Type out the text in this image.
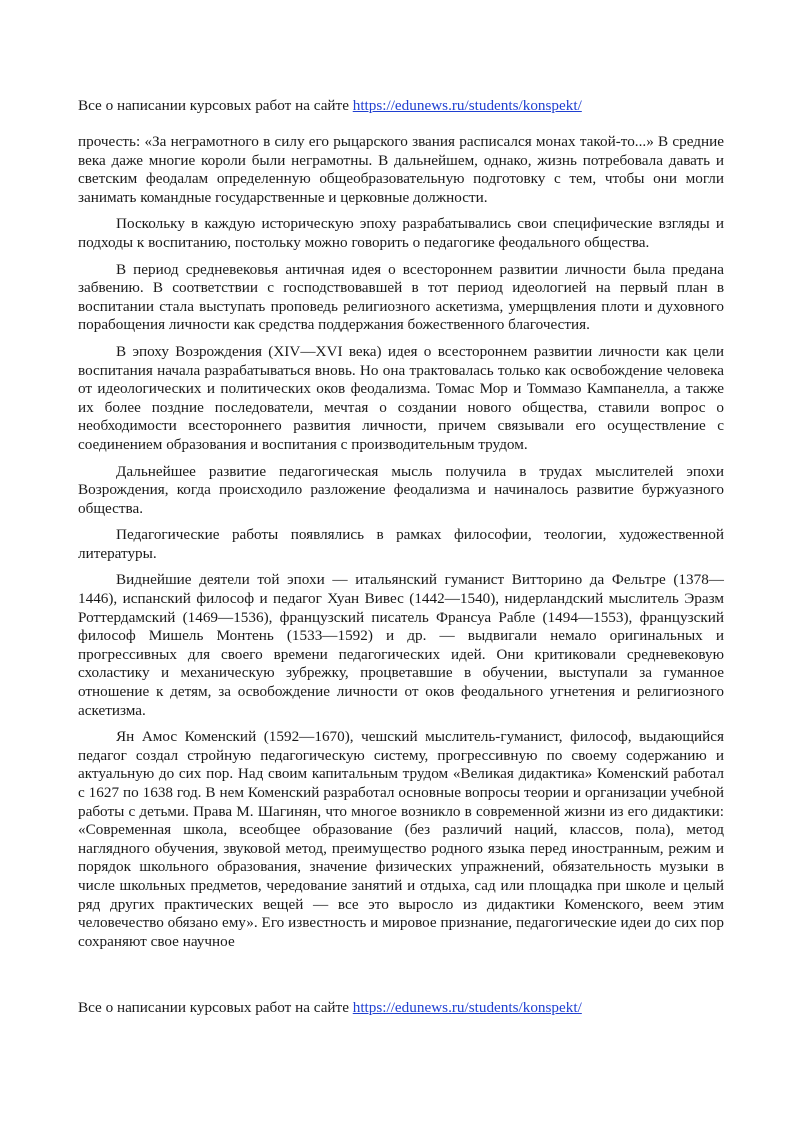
Все о написании курсовых работ на сайте https://edunews.ru/students/konspekt/

прочесть: «За неграмотного в силу его рыцарского звания расписался монах такой-то...» В средние века даже многие короли были неграмотны. В дальнейшем, однако, жизнь потребовала давать и светским феодалам определенную общеобразовательную подготовку с тем, чтобы они могли занимать командные государственные и церковные должности.

Поскольку в каждую историческую эпоху разрабатывались свои специфические взгляды и подходы к воспитанию, постольку можно говорить о педагогике феодального общества.

В период средневековья античная идея о всестороннем развитии личности была предана забвению. В соответствии с господствовавшей в тот период идеологией на первый план в воспитании стала выступать проповедь религиозного аскетизма, умерщвления плоти и духовного порабощения личности как средства поддержания божественного благочестия.

В эпоху Возрождения (XIV—XVI века) идея о всестороннем развитии личности как цели воспитания начала разрабатываться вновь. Но она трактовалась только как освобождение человека от идеологических и политических оков феодализма. Томас Мор и Томмазо Кампанелла, а также их более поздние последователи, мечтая о создании нового общества, ставили вопрос о необходимости всестороннего развития личности, причем связывали его осуществление с соединением образования и воспитания с производительным трудом.

Дальнейшее развитие педагогическая мысль получила в трудах мыслителей эпохи Возрождения, когда происходило разложение феодализма и начиналось развитие буржуазного общества.

Педагогические работы появлялись в рамках философии, теологии, художественной литературы.

Виднейшие деятели той эпохи — итальянский гуманист Витторино да Фельтре (1378—1446), испанский философ и педагог Хуан Вивес (1442—1540), нидерландский мыслитель Эразм Роттердамский (1469—1536), французский писатель Франсуа Рабле (1494—1553), французский философ Мишель Монтень (1533—1592) и др. — выдвигали немало оригинальных и прогрессивных для своего времени педагогических идей. Они критиковали средневековую схоластику и механическую зубрежку, процветавшие в обучении, выступали за гуманное отношение к детям, за освобождение личности от оков феодального угнетения и религиозного аскетизма.

Ян Амос Коменский (1592—1670), чешский мыслитель-гуманист, философ, выдающийся педагог создал стройную педагогическую систему, прогрессивную по своему содержанию и актуальную до сих пор. Над своим капитальным трудом «Великая дидактика» Коменский работал с 1627 по 1638 год. В нем Коменский разработал основные вопросы теории и организации учебной работы с детьми. Права М. Шагинян, что многое возникло в современной жизни из его дидактики: «Современная школа, всеобщее образование (без различий наций, классов, пола), метод наглядного обучения, звуковой метод, преимущество родного языка перед иностранным, режим и порядок школьного образования, значение физических упражнений, обязательность музыки в числе школьных предметов, чередование занятий и отдыха, сад или площадка при школе и целый ряд других практических вещей — все это выросло из дидактики Коменского, веем этим человечество обязано ему». Его известность и мировое признание, педагогические идеи до сих пор сохраняют свое научное

Все о написании курсовых работ на сайте https://edunews.ru/students/konspekt/
